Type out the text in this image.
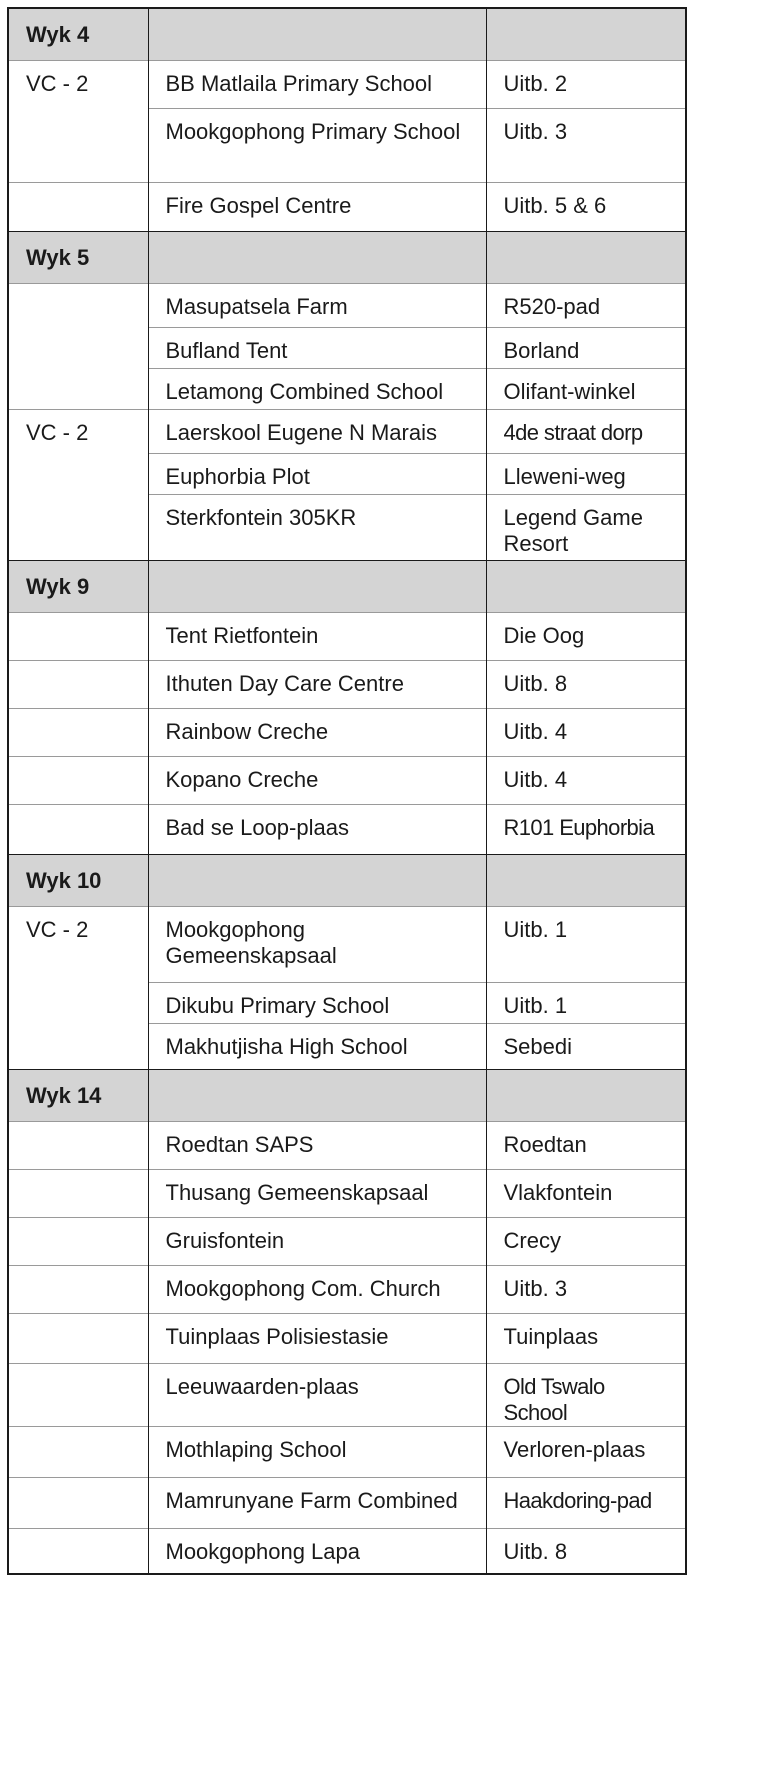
Wyk 4		
VC - 2	BB Matlaila Primary School	Uitb. 2
	Mookgophong Primary School	Uitb. 3
	Fire Gospel Centre	Uitb. 5 & 6
Wyk 5		
	Masupatsela Farm	R520-pad
	Bufland Tent	Borland
	Letamong Combined School	Olifant-winkel
VC - 2	Laerskool Eugene N Marais	4de straat dorp
	Euphorbia Plot	Lleweni-weg
	Sterkfontein 305KR	Legend Game Resort
Wyk 9		
	Tent Rietfontein	Die Oog
	Ithuten Day Care Centre	Uitb. 8
	Rainbow Creche	Uitb. 4
	Kopano Creche	Uitb. 4
	Bad se Loop-plaas	R101 Euphorbia
Wyk 10		
VC - 2	Mookgophong Gemeenskapsaal	Uitb. 1
	Dikubu Primary School	Uitb. 1
	Makhutjisha High School	Sebedi
Wyk 14		
	Roedtan SAPS	Roedtan
	Thusang Gemeenskapsaal	Vlakfontein
	Gruisfontein	Crecy
	Mookgophong Com. Church	Uitb. 3
	Tuinplaas Polisiestasie	Tuinplaas
	Leeuwaarden-plaas	Old Tswalo School
	Mothlaping School	Verloren-plaas
	Mamrunyane Farm Combined	Haakdoring-pad
	Mookgophong Lapa	Uitb. 8
